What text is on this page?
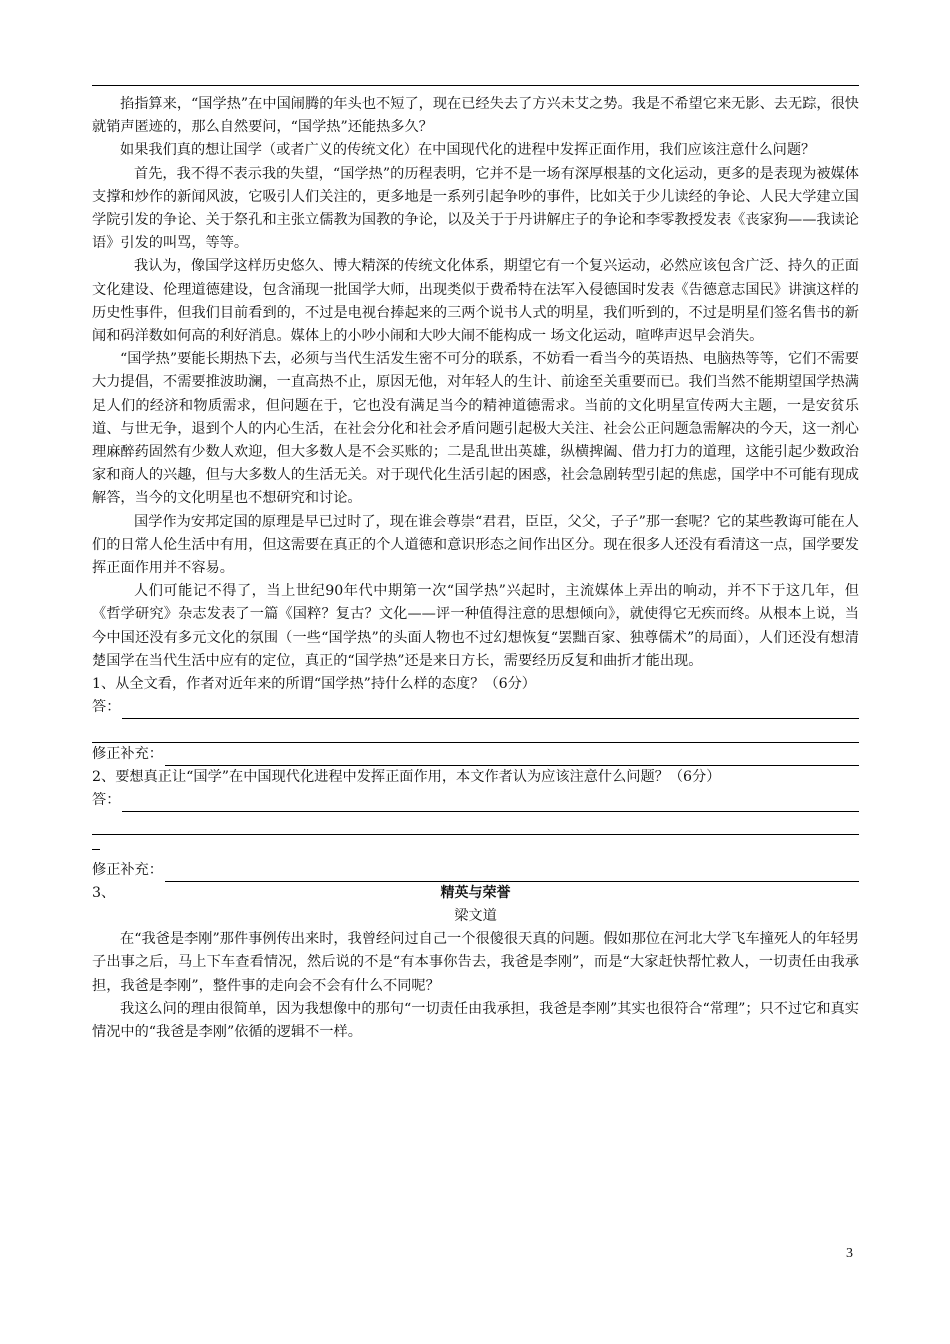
掐指算来，“国学热”在中国闹腾的年头也不短了，现在已经失去了方兴未艾之势。我是不希望它来无影、去无踪，很快就销声匿迹的，那么自然要问，“国学热”还能热多久？

如果我们真的想让国学（或者广义的传统文化）在中国现代化的进程中发挥正面作用，我们应该注意什么问题？

首先，我不得不表示我的失望，“国学热”的历程表明，它并不是一场有深厚根基的文化运动，更多的是表现为被媒体支撑和炒作的新闻风波，它吸引人们关注的，更多地是一系列引起争吵的事件，比如关于少儿读经的争论、人民大学建立国学院引发的争论、关于祭孔和主张立儒教为国教的争论，以及关于于丹讲解庄子的争论和李零教授发表《丧家狗——我读论语》引发的叫骂，等等。

我认为，像国学这样历史悠久、博大精深的传统文化体系，期望它有一个复兴运动，必然应该包含广泛、持久的正面文化建设、伦理道德建设，包含涌现一批国学大师，出现类似于费希特在法军入侵德国时发表《告德意志国民》讲演这样的历史性事件，但我们目前看到的，不过是电视台捧起来的三两个说书人式的明星，我们听到的，不过是明星们签名售书的新闻和码洋数如何高的利好消息。媒体上的小吵小闹和大吵大闹不能构成一 场文化运动，喧哗声迟早会消失。

“国学热”要能长期热下去，必须与当代生活发生密不可分的联系，不妨看一看当今的英语热、电脑热等等，它们不需要大力提倡，不需要推波助澜，一直高热不止，原因无他，对年轻人的生计、前途至关重要而已。我们当然不能期望国学热满足人们的经济和物质需求，但问题在于，它也没有满足当今的精神道德需求。当前的文化明星宣传两大主题，一是安贫乐道、与世无争，退到个人的内心生活，在社会分化和社会矛盾问题引起极大关注、社会公正问题急需解决的今天，这一剂心理麻醉药固然有少数人欢迎，但大多数人是不会买账的；二是乱世出英雄，纵横捭阖、借力打力的道理，这能引起少数政治家和商人的兴趣，但与大多数人的生活无关。对于现代化生活引起的困惑，社会急剧转型引起的焦虑，国学中不可能有现成解答，当今的文化明星也不想研究和讨论。

国学作为安邦定国的原理是早已过时了，现在谁会尊崇“君君，臣臣，父父，子子”那一套呢？它的某些教诲可能在人们的日常人伦生活中有用，但这需要在真正的个人道德和意识形态之间作出区分。现在很多人还没有看清这一点，国学要发挥正面作用并不容易。

人们可能记不得了，当上世纪90年代中期第一次“国学热”兴起时，主流媒体上弄出的响动，并不下于这几年，但《哲学研究》杂志发表了一篇《国粹？复古？文化——评一种值得注意的思想倾向》，就使得它无疾而终。从根本上说，当今中国还没有多元文化的氛围（一些“国学热”的头面人物也不过幻想恢复“罢黜百家、独尊儒术”的局面），人们还没有想清楚国学在当代生活中应有的定位，真正的“国学热”还是来日方长，需要经历反复和曲折才能出现。

1、从全文看，作者对近年来的所谓“国学热”持什么样的态度？（6分）

答：
修正补充：

2、要想真正让“国学”在中国现代化进程中发挥正面作用，本文作者认为应该注意什么问题？（6分）

答：
修正补充：
3、	精英与荣誉
梁文道

在“我爸是李刚”那件事例传出来时，我曾经问过自己一个很傻很天真的问题。假如那位在河北大学飞车撞死人的年轻男子出事之后，马上下车查看情况，然后说的不是“有本事你告去，我爸是李刚”，而是“大家赶快帮忙救人，一切责任由我承担，我爸是李刚”，整件事的走向会不会有什么不同呢？

我这么问的理由很简单，因为我想像中的那句“一切责任由我承担，我爸是李刚”其实也很符合“常理”；只不过它和真实情况中的“我爸是李刚”依循的逻辑不一样。

3
